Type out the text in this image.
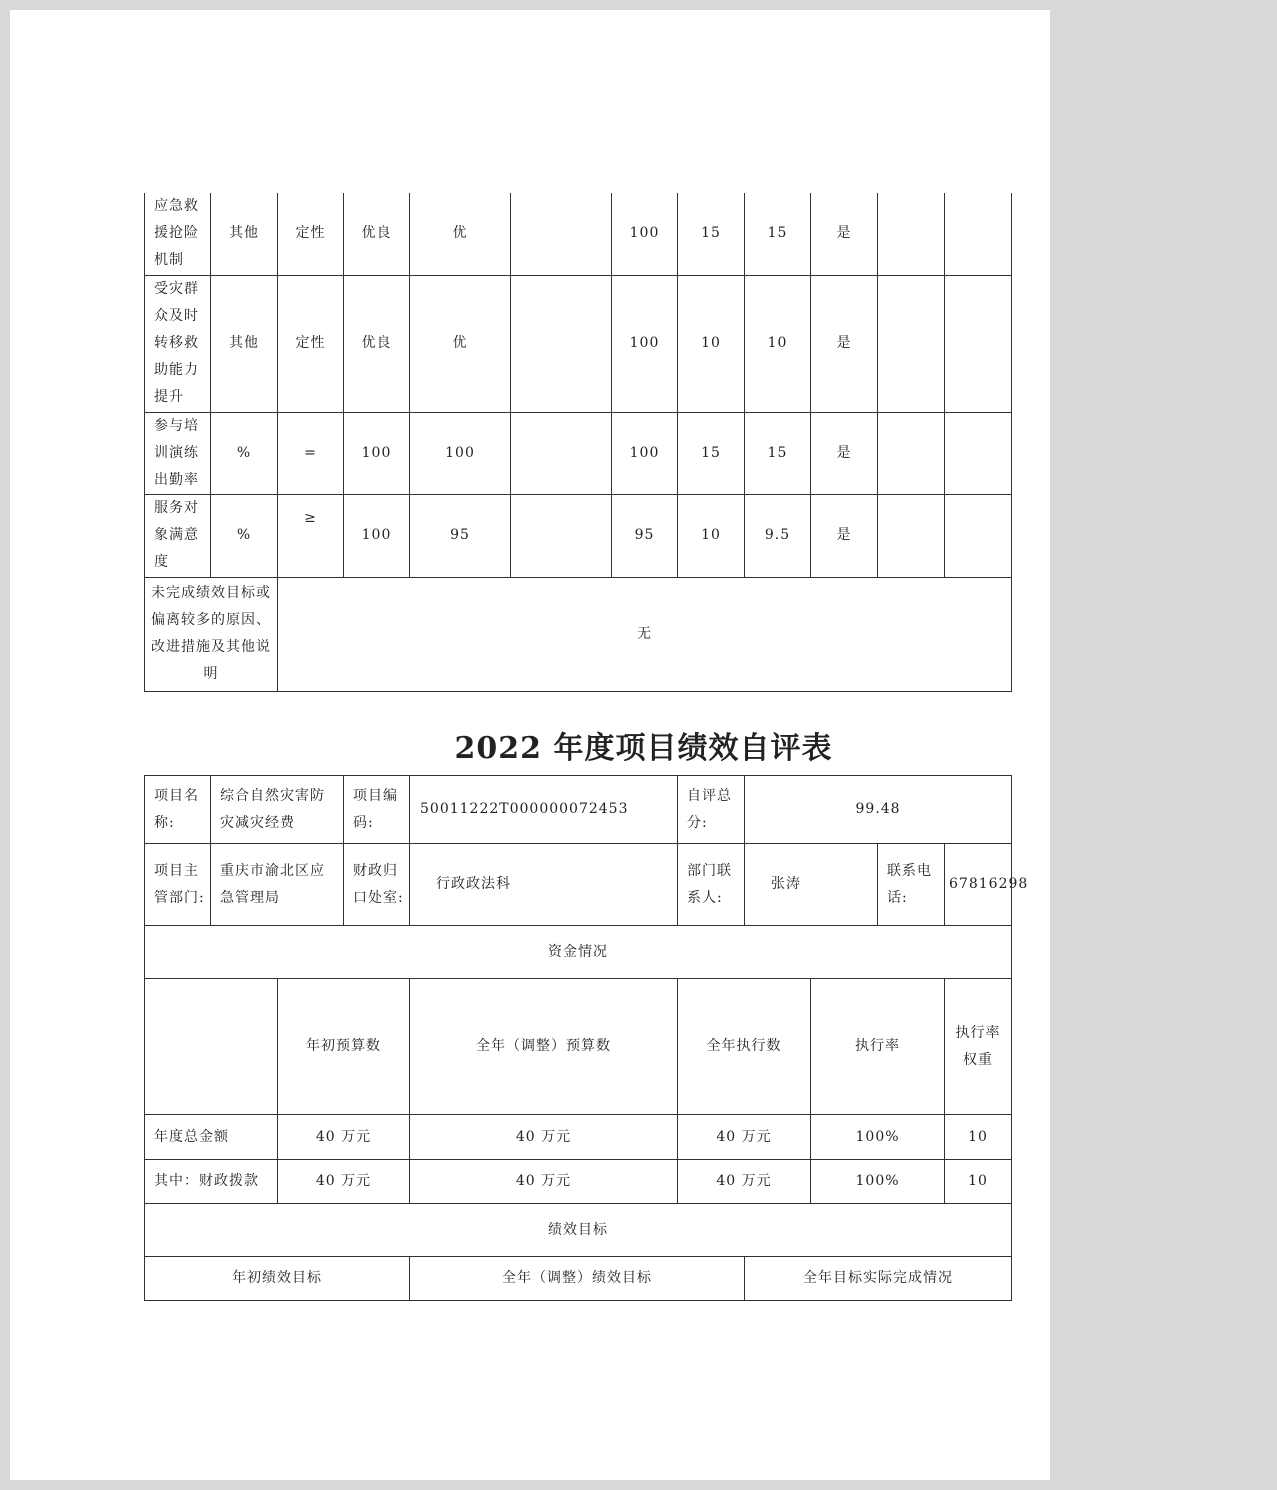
应急救援抢险机制	其他	定性	优良	优		100	15	15	是		
受灾群众及时转移救助能力提升	其他	定性	优良	优		100	10	10	是		
参与培训演练出勤率	%	=	100	100		100	15	15	是		
服务对象满意度	%	≥	100	95		95	10	9.5	是		
未完成绩效目标或偏离较多的原因、改进措施及其他说明		无									
2022 年度项目绩效自评表
项目名称:	综合自然灾害防灾减灾经费		项目编码:	50011222T000000072453	自评总分:	99.48				
项目主管部门:	重庆市渝北区应急管理局		财政归口处室:	行政政法科	部门联系人:	张涛		联系电话:	67816298	
资金情况										
		年初预算数		全年（调整）预算数	全年执行数		执行率		执行率权重	
年度总金额		40 万元		40 万元	40 万元		100%		10	
其中：财政拨款		40 万元		40 万元	40 万元		100%		10	
绩效目标										
年初绩效目标				全年（调整）绩效目标		全年目标实际完成情况				
